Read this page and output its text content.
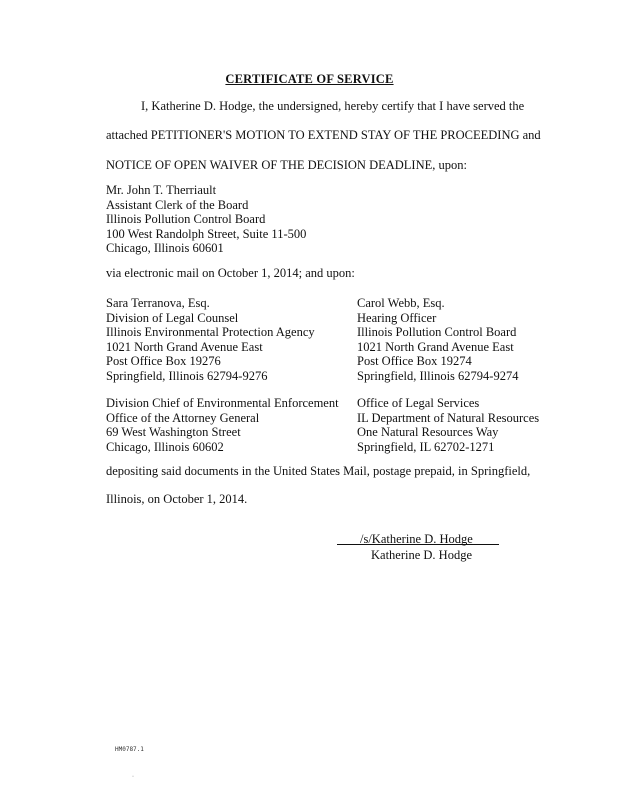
CERTIFICATE OF SERVICE
I, Katherine D. Hodge, the undersigned, hereby certify that I have served the
attached PETITIONER'S MOTION TO EXTEND STAY OF THE PROCEEDING and
NOTICE OF OPEN WAIVER OF THE DECISION DEADLINE, upon:
Mr. John T. Therriault
Assistant Clerk of the Board
Illinois Pollution Control Board
100 West Randolph Street, Suite 11-500
Chicago, Illinois 60601
via electronic mail on October 1, 2014; and upon:
Sara Terranova, Esq.
Division of Legal Counsel
Illinois Environmental Protection Agency
1021 North Grand Avenue East
Post Office Box 19276
Springfield, Illinois 62794-9276
Carol Webb, Esq.
Hearing Officer
Illinois Pollution Control Board
1021 North Grand Avenue East
Post Office Box 19274
Springfield, Illinois 62794-9274
Division Chief of Environmental Enforcement
Office of the Attorney General
69 West Washington Street
Chicago, Illinois 60602
Office of Legal Services
IL Department of Natural Resources
One Natural Resources Way
Springfield, IL 62702-1271
depositing said documents in the United States Mail, postage prepaid, in Springfield,
Illinois, on October 1, 2014.
/s/Katherine D. Hodge
Katherine D. Hodge
HM0787.1
·
